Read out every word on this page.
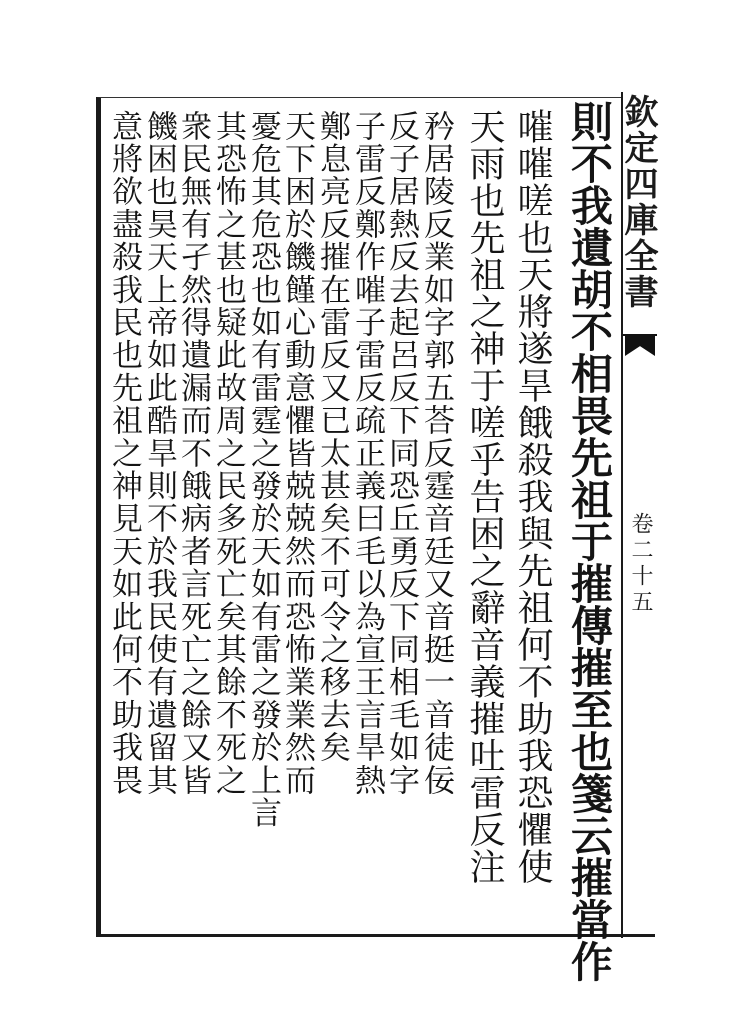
欽定四庫全書
卷二十五
則不我遺胡不相畏先祖于摧傳摧至也箋云摧當作
嗺嗺嗟也天將遂旱餓殺我與先祖何不助我恐懼使
天雨也先祖之神于嗟乎告困之辭音義摧吐雷反注
矜居陵反業如字郭五荅反霆音廷又音挺一音徒佞
反子居熱反去起呂反下同恐丘勇反下同相毛如字
子雷反鄭作嗺子雷反疏正義曰毛以為宣王言旱熱
鄭息亮反摧在雷反又已太甚矣不可令之移去矣
天下困於饑饉心動意懼皆兢兢然而恐怖業業然而
憂危其危恐也如有雷霆之發於天如有雷之發於上言
其恐怖之甚也疑此故周之民多死亡矣其餘不死之
衆民無有孑然得遺漏而不餓病者言死亡之餘又皆
饑困也昊天上帝如此酷旱則不於我民使有遺留其
意將欲盡殺我民也先祖之神見天如此何不助我畏
